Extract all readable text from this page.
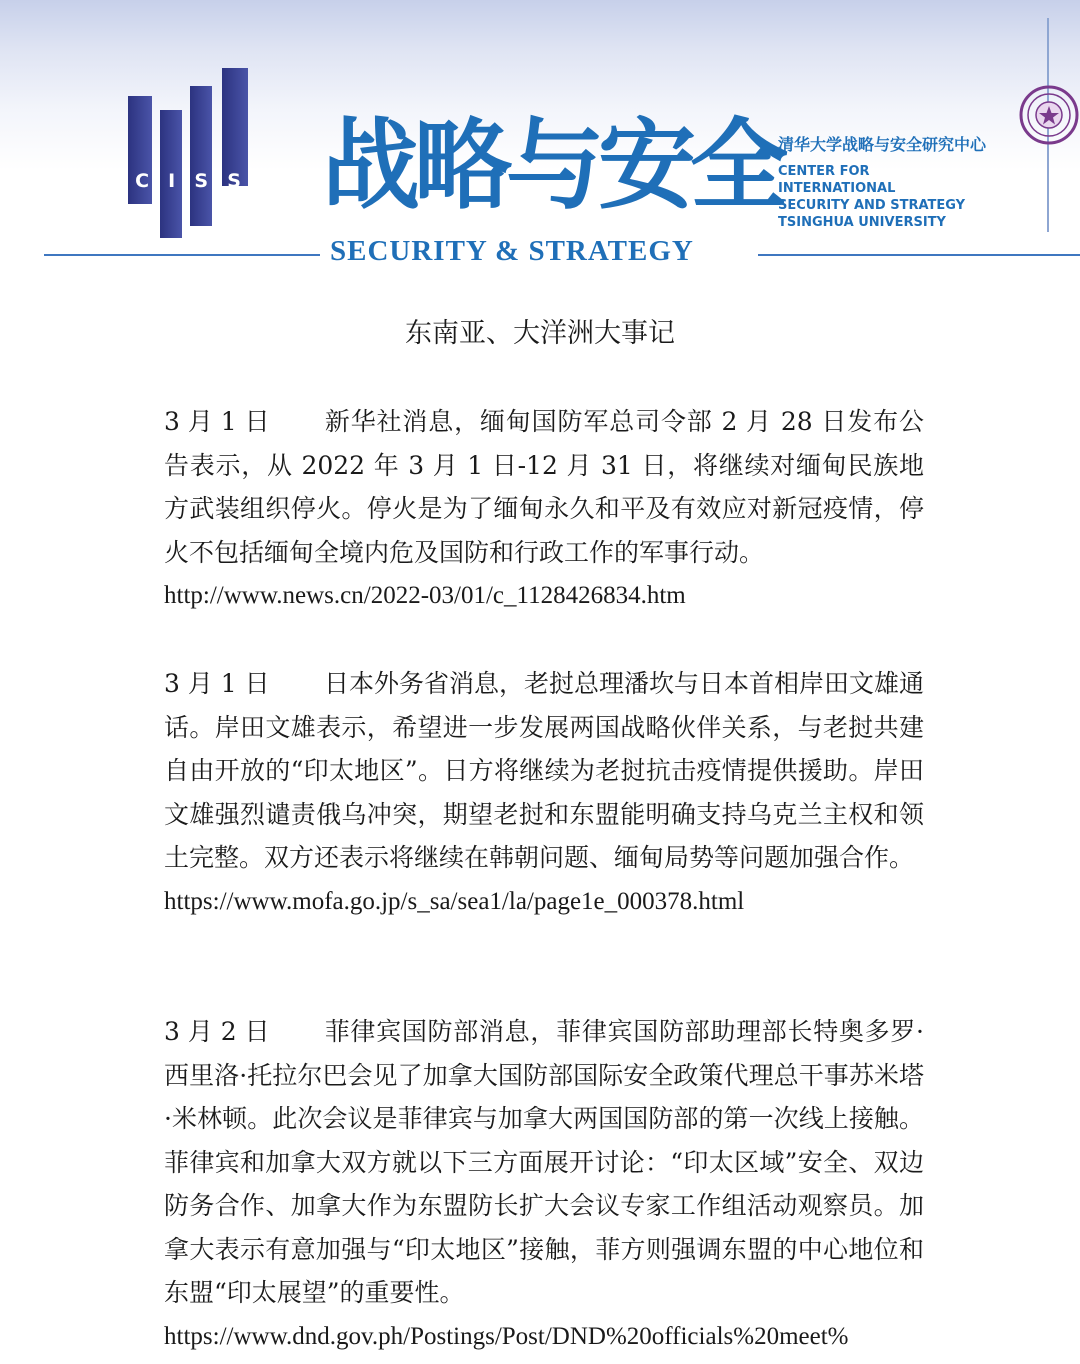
C I S S 战略与安全
SECURITY & STRATEGY
清华大学战略与安全研究中心
CENTER FOR
INTERNATIONAL
SECURITY AND STRATEGY
TSINGHUA UNIVERSITY
东南亚、大洋洲大事记

3 月 1 日 新华社消息，缅甸国防军总司令部 2 月 28 日发布公告表示，从 2022 年 3 月 1 日-12 月 31 日，将继续对缅甸民族地方武装组织停火。停火是为了缅甸永久和平及有效应对新冠疫情，停火不包括缅甸全境内危及国防和行政工作的军事行动。

http://www.news.cn/2022-03/01/c_1128426834.htm

3 月 1 日 日本外务省消息，老挝总理潘坎与日本首相岸田文雄通话。岸田文雄表示，希望进一步发展两国战略伙伴关系，与老挝共建自由开放的“印太地区”。日方将继续为老挝抗击疫情提供援助。岸田文雄强烈谴责俄乌冲突，期望老挝和东盟能明确支持乌克兰主权和领土完整。双方还表示将继续在韩朝问题、缅甸局势等问题加强合作。

https://www.mofa.go.jp/s_sa/sea1/la/page1e_000378.html

3 月 2 日 菲律宾国防部消息，菲律宾国防部助理部长特奥多罗·西里洛·托拉尔巴会见了加拿大国防部国际安全政策代理总干事苏米塔·米林顿。此次会议是菲律宾与加拿大两国国防部的第一次线上接触。菲律宾和加拿大双方就以下三方面展开讨论：“印太区域”安全、双边防务合作、加拿大作为东盟防长扩大会议专家工作组活动观察员。加拿大表示有意加强与“印太地区”接触，菲方则强调东盟的中心地位和东盟“印太展望”的重要性。

https://www.dnd.gov.ph/Postings/Post/DND%20officials%20meet%
